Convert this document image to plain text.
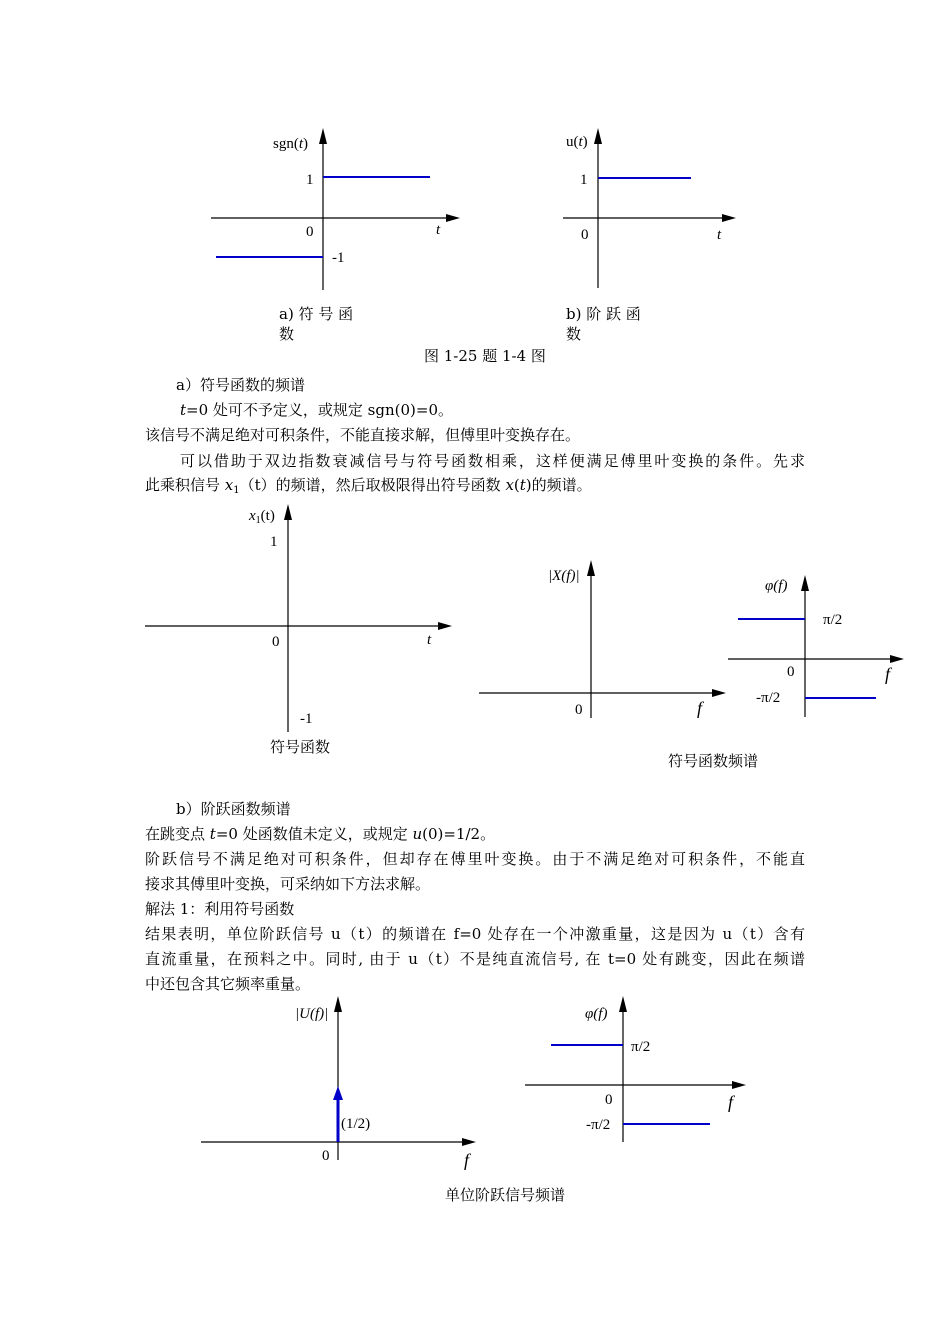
sgn(t)
1
0	t
-1
u(t)
1
0	t
$x_1(t)$
1
0	t
-1
符号函数
|X(f)|
0	f
φ(f)
π/2
0	f
-π/2
符号函数频谱
|U(f)|
(1/2)
0	f
φ(f)
π/2
0	f
-π/2
a) 符 号 函
数
b) 阶 跃 函
数
图 1-25 题 1-4 图
a）符号函数的频谱
t=0 处可不予定义，或规定 sgn(0)=0。
该信号不满足绝对可积条件，不能直接求解，但傅里叶变换存在。
可以借助于双边指数衰减信号与符号函数相乘，这样便满足傅里叶变换的条件。先求
此乘积信号 $x_1(t)$的频谱，然后取极限得出符号函数 x(t)的频谱。
b）阶跃函数频谱
在跳变点 t=0 处函数值未定义，或规定 u(0)=1/2。
阶跃信号不满足绝对可积条件，但却存在傅里叶变换。由于不满足绝对可积条件，不能直
接求其傅里叶变换，可采纳如下方法求解。
解法 1：利用符号函数
结果表明，单位阶跃信号 u（t）的频谱在 f=0 处存在一个冲激重量，这是因为 u（t）含有
直流重量，在预料之中。同时, 由于 u（t）不是纯直流信号, 在 t=0 处有跳变，因此在频谱
中还包含其它频率重量。
单位阶跃信号频谱
